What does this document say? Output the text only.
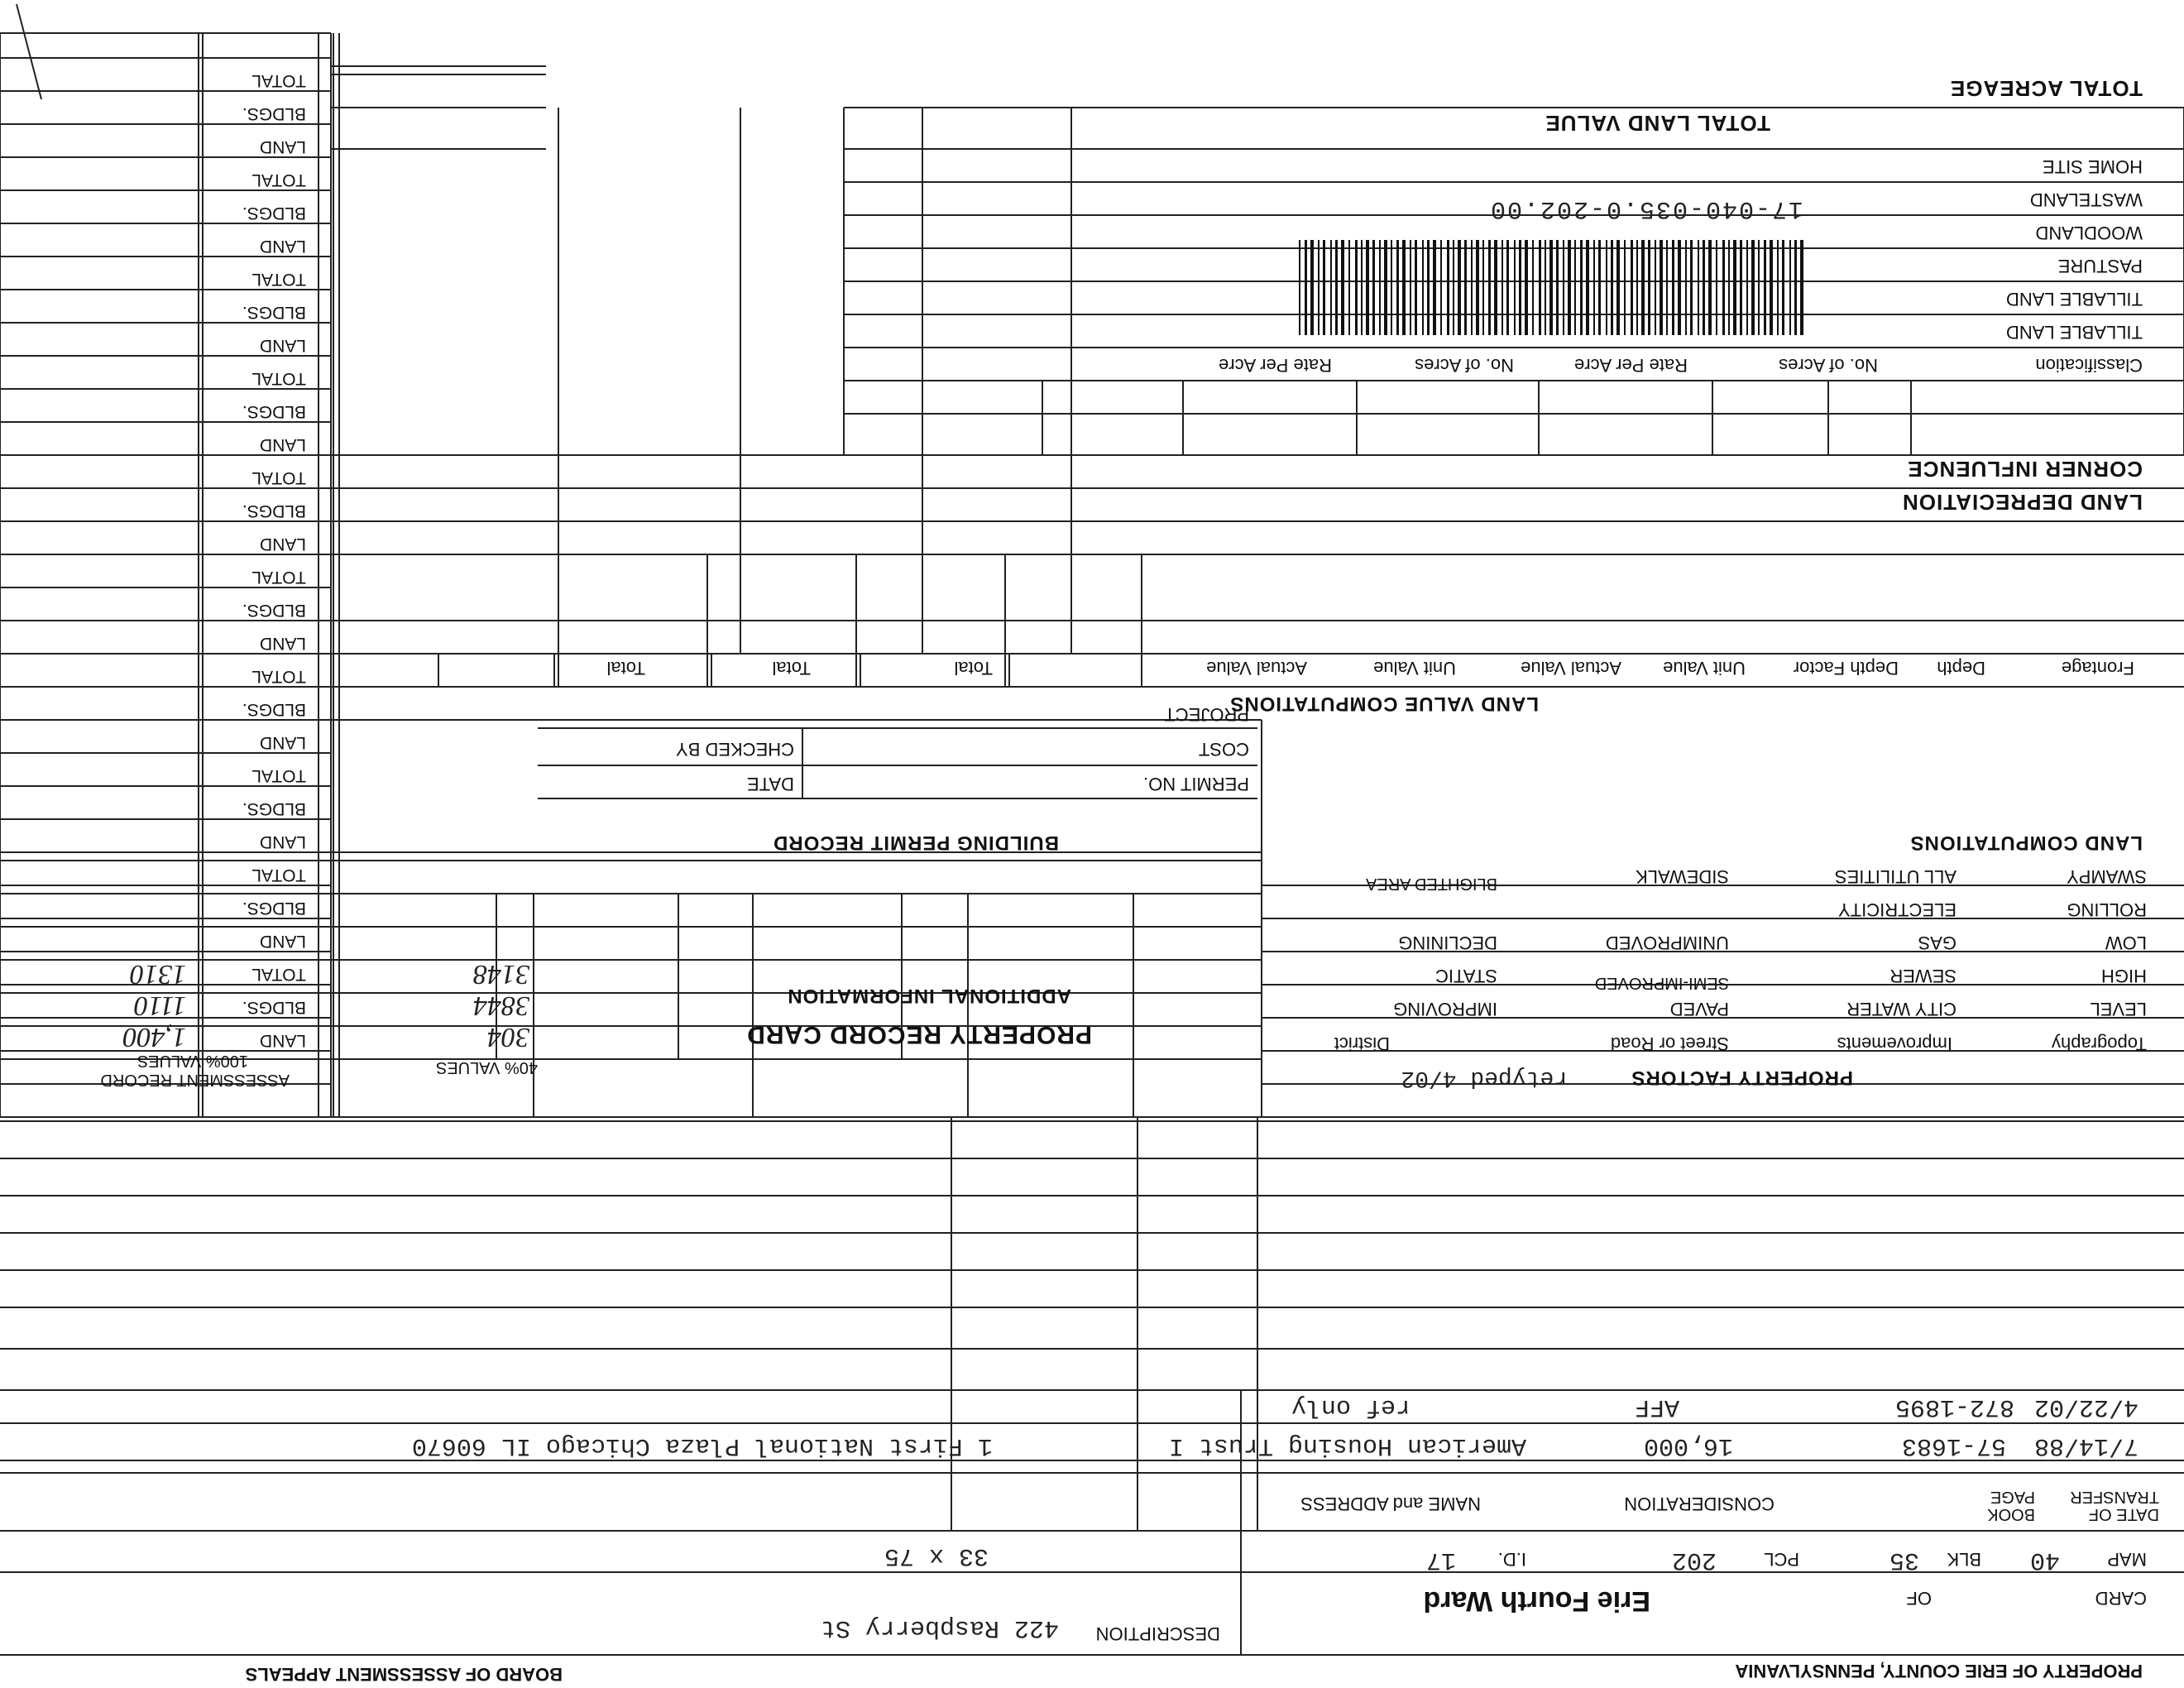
PROPERTY OF ERIE COUNTY, PENNSYLVANIA
BOARD OF ASSESSMENT APPEALS
TOTAL ACREAGE
TOTAL LAND VALUE
HOME SITE
WASTELAND
WOODLAND
PASTURE
TILLABLE LAND
TILLABLE LAND
Classification
No. of Acres
Rate Per Acre
No. of Acres
Rate Per Acre
17-040-035.0-202.00
CORNER INFLUENCE
LAND DEPRECIATION
Frontage
Depth
Depth Factor
Unit Value
Actual Value
Unit Value
Actual Value
Total
Total
Total
LAND VALUE COMPUTATIONS
LAND COMPUTATIONS
BUILDING PERMIT RECORD
PERMIT NO.
DATE
COST
CHECKED BY
PROJECT
Topography
Improvements
Street or Road
District
PROPERTY FACTORS
retyped 4/02
LEVEL
HIGH
LOW
ROLLING
SWAMPY
CITY WATER
SEWER
GAS
ELECTRICITY
ALL UTILITIES
PAVED
SEMI-IMPROVED
UNIMPROVED
SIDEWALK
IMPROVING
STATIC
DECLINING
BLIGHTED AREA
PROPERTY RECORD CARD
ADDITIONAL INFORMATION
40% VALUES
ASSESSMENT RECORD
100% VALUES
304
3844
3148
1,400
1110
1310
LAND
BLDGS.
TOTAL
LAND
BLDGS.
TOTAL
LAND
BLDGS.
TOTAL
LAND
BLDGS.
TOTAL
LAND
BLDGS.
TOTAL
LAND
BLDGS.
TOTAL
LAND
BLDGS.
TOTAL
LAND
BLDGS.
TOTAL
LAND
BLDGS.
TOTAL
LAND
BLDGS.
TOTAL
DATE OF TRANSFER
BOOK PAGE
CONSIDERATION
NAME and ADDRESS
7/14/88
57-1683
16,000
American Housing Trust I
1 First National Plaza Chicago IL 60670
4/22/02
872-1895
AFF
ref only
MAP
40
BLK
35
PCL
202
I.D.
17
CARD
OF
Erie Fourth Ward
33 x 75
DESCRIPTION
422 Raspberry St
